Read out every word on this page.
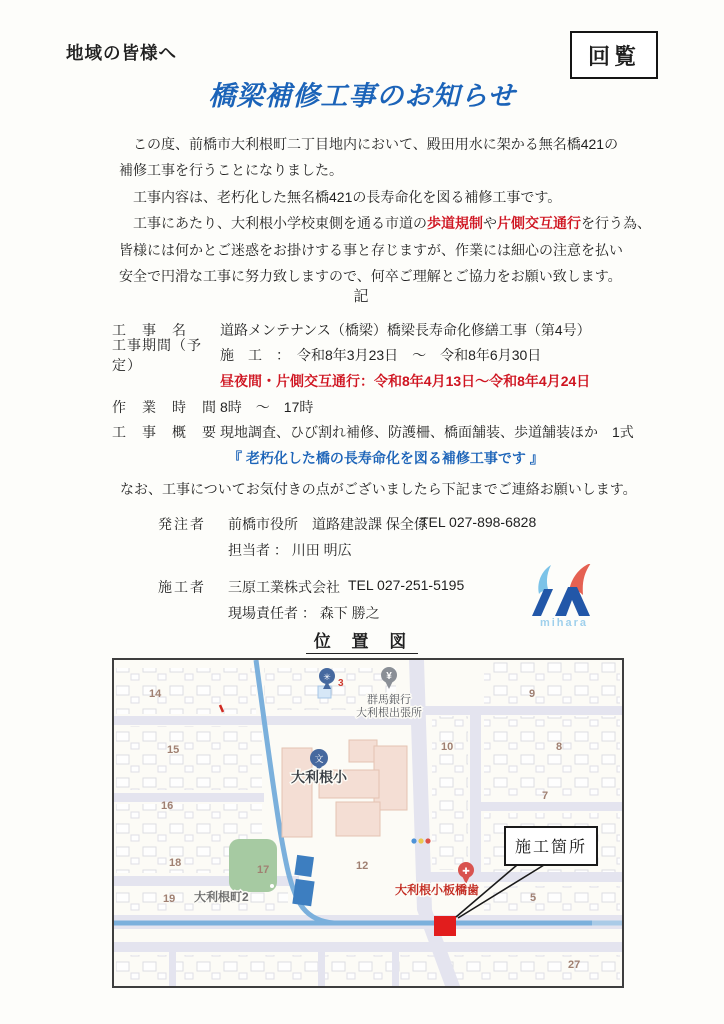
地域の皆様へ	回覧
橋梁補修工事のお知らせ
　この度、前橋市大利根町二丁目地内において、殿田用水に架かる無名橋421の
補修工事を行うことになりました。
　工事内容は、老朽化した無名橋421の長寿命化を図る補修工事です。
　工事にあたり、大利根小学校東側を通る市道の歩道規制や片側交互通行を行う為、
皆様には何かとご迷惑をお掛けする事と存じますが、作業には細心の注意を払い
安全で円滑な工事に努力致しますので、何卒ご理解とご協力をお願い致します。
記
工　事　名	道路メンテナンス（橋梁）橋梁長寿命化修繕工事（第4号）
工事期間（予定）
施　工　：　令和8年3月23日　～　令和8年6月30日
昼夜間・片側交互通行：令和8年4月13日～令和8年4月24日
作　業　時　間 8時　～　17時
工　事　概　要 現地調査、ひび割れ補修、防護柵、橋面舗装、歩道舗装ほか　1式
『 老朽化した橋の長寿命化を図る補修工事です 』
なお、工事についてお気付きの点がございましたら下記までご連絡お願いします。
発注者 前橋市役所　道路建設課 保全係
TEL 027-898-6828
担当者 ： 川田 明広
施工者 三原工業株式会社 TEL 027-251-5195
現場責任者 ： 森下 勝之
mihara
位 置 図
✳
3
¥
群馬銀行
大利根出張所
文
大利根小
✚
大利根小板橋歯
大利根町2
14
15
16
18
19
17	12
10
9
8
7
5
27
施工箇所
